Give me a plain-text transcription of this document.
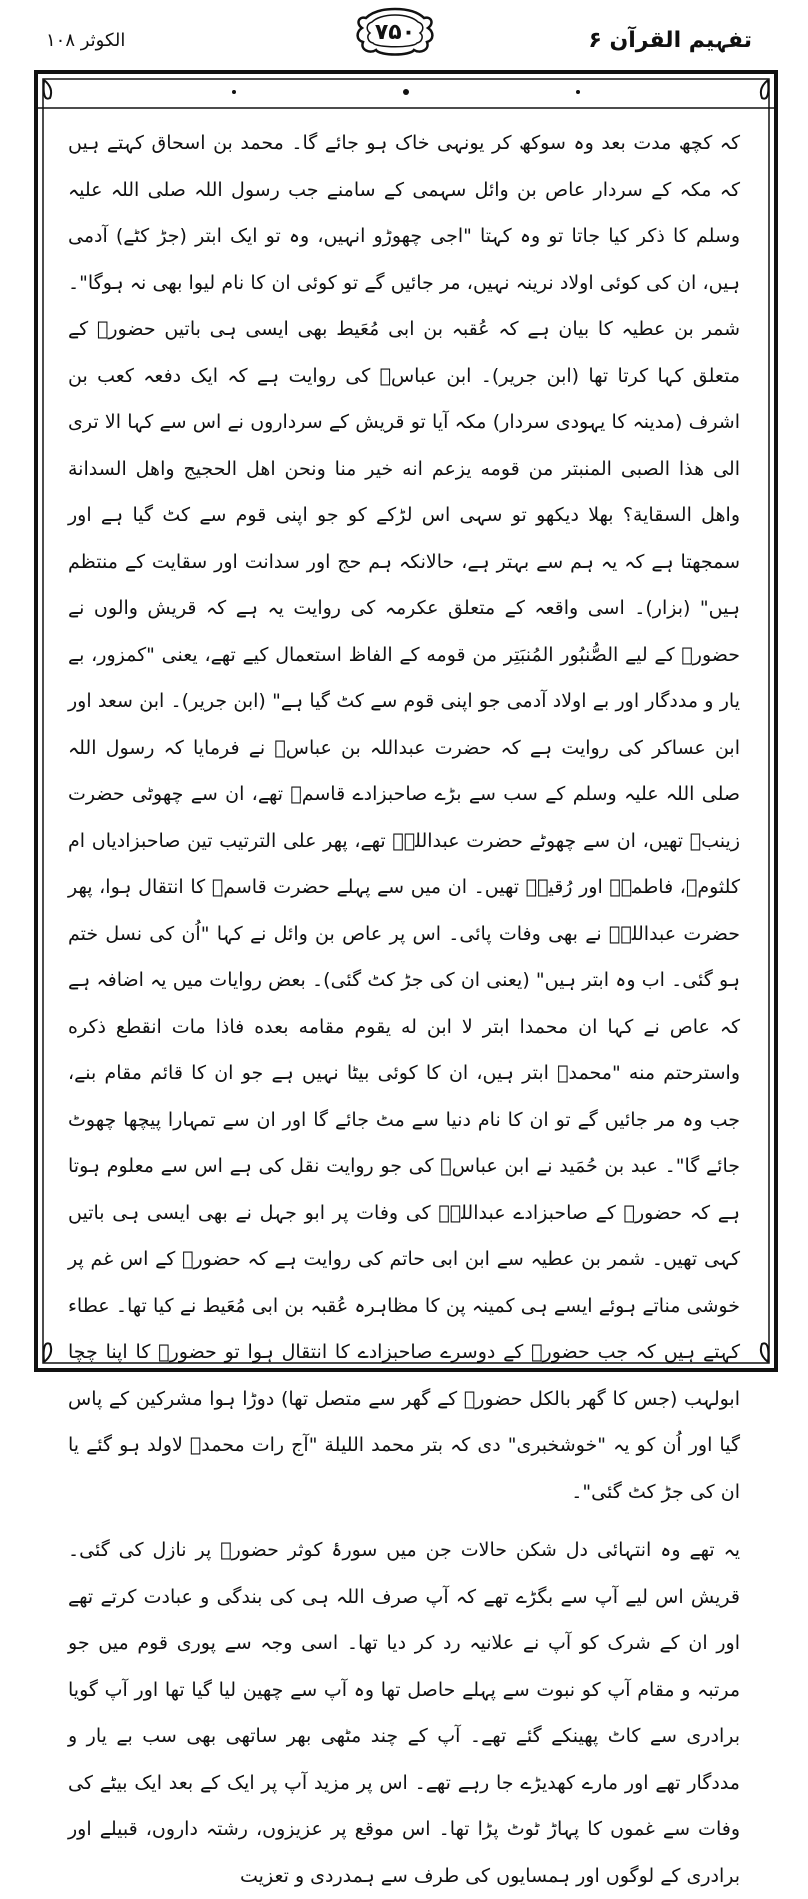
الکوثر ۱۰۸	۷۵۰	تفہیم القرآن ۶

کہ کچھ مدت بعد وہ سوکھ کر یونہی خاک ہو جائے گا۔ محمد بن اسحاق کہتے ہیں کہ مکہ کے سردار عاص بن وائل سہمی کے سامنے جب رسول اللہ صلی اللہ علیہ وسلم کا ذکر کیا جاتا تو وہ کہتا "اجی چھوڑو انہیں، وہ تو ایک ابتر (جڑ کٹے) آدمی ہیں، ان کی کوئی اولاد نرینہ نہیں، مر جائیں گے تو کوئی ان کا نام لیوا بھی نہ ہوگا"۔ شمر بن عطیہ کا بیان ہے کہ عُقبہ بن ابی مُعَیط بھی ایسی ہی باتیں حضورؐ کے متعلق کہا کرتا تھا (ابن جریر)۔ ابن عباسؓ کی روایت ہے کہ ایک دفعہ کعب بن اشرف (مدینہ کا یہودی سردار) مکہ آیا تو قریش کے سرداروں نے اس سے کہا الا ترى الى هذا الصبى المنبتر من قومه يزعم انه خير منا ونحن اهل الحجيج واهل السدانة واهل السقاية؟ بھلا دیکھو تو سہی اس لڑکے کو جو اپنی قوم سے کٹ گیا ہے اور سمجھتا ہے کہ یہ ہم سے بہتر ہے، حالانکہ ہم حج اور سدانت اور سقایت کے منتظم ہیں" (بزار)۔ اسی واقعہ کے متعلق عکرمہ کی روایت یہ ہے کہ قریش والوں نے حضورؐ کے لیے الصُّنبُور المُنبَتِر من قومه کے الفاظ استعمال کیے تھے، یعنی "کمزور، بے یار و مددگار اور بے اولاد آدمی جو اپنی قوم سے کٹ گیا ہے" (ابن جریر)۔ ابن سعد اور ابن عساکر کی روایت ہے کہ حضرت عبداللہ بن عباسؓ نے فرمایا کہ رسول اللہ صلی اللہ علیہ وسلم کے سب سے بڑے صاحبزادے قاسمؓ تھے، ان سے چھوٹی حضرت زینبؓ تھیں، ان سے چھوٹے حضرت عبداللہؓ تھے، پھر علی الترتیب تین صاحبزادیاں ام کلثومؓ، فاطمہؓ اور رُقیہؓ تھیں۔ ان میں سے پہلے حضرت قاسمؓ کا انتقال ہوا، پھر حضرت عبداللہؓ نے بھی وفات پائی۔ اس پر عاص بن وائل نے کہا "اُن کی نسل ختم ہو گئی۔ اب وہ ابتر ہیں" (یعنی ان کی جڑ کٹ گئی)۔ بعض روایات میں یہ اضافہ ہے کہ عاص نے کہا ان محمدا ابتر لا ابن له يقوم مقامه بعده فاذا مات انقطع ذكره واسترحتم منه "محمدؐ ابتر ہیں، ان کا کوئی بیٹا نہیں ہے جو ان کا قائم مقام بنے، جب وہ مر جائیں گے تو ان کا نام دنیا سے مٹ جائے گا اور ان سے تمہارا پیچھا چھوٹ جائے گا"۔ عبد بن حُمَید نے ابن عباسؓ کی جو روایت نقل کی ہے اس سے معلوم ہوتا ہے کہ حضورؐ کے صاحبزادے عبداللہؓ کی وفات پر ابو جہل نے بھی ایسی ہی باتیں کہی تھیں۔ شمر بن عطیہ سے ابن ابی حاتم کی روایت ہے کہ حضورؐ کے اس غم پر خوشی مناتے ہوئے ایسے ہی کمینہ پن کا مظاہرہ عُقبہ بن ابی مُعَیط نے کیا تھا۔ عطاء کہتے ہیں کہ جب حضورؐ کے دوسرے صاحبزادے کا انتقال ہوا تو حضورؐ کا اپنا چچا ابولہب (جس کا گھر بالکل حضورؐ کے گھر سے متصل تھا) دوڑا ہوا مشرکین کے پاس گیا اور اُن کو یہ "خوشخبری" دی کہ بتر محمد الليلة "آج رات محمدؐ لاولد ہو گئے یا ان کی جڑ کٹ گئی"۔

یہ تھے وہ انتہائی دل شکن حالات جن میں سورۂ کوثر حضورؐ پر نازل کی گئی۔ قریش اس لیے آپ سے بگڑے تھے کہ آپ صرف اللہ ہی کی بندگی و عبادت کرتے تھے اور ان کے شرک کو آپ نے علانیہ رد کر دیا تھا۔ اسی وجہ سے پوری قوم میں جو مرتبہ و مقام آپ کو نبوت سے پہلے حاصل تھا وہ آپ سے چھین لیا گیا تھا اور آپ گویا برادری سے کاٹ پھینکے گئے تھے۔ آپ کے چند مٹھی بھر ساتھی بھی سب بے یار و مددگار تھے اور مارے کھدیڑے جا رہے تھے۔ اس پر مزید آپ پر ایک کے بعد ایک بیٹے کی وفات سے غموں کا پہاڑ ٹوٹ پڑا تھا۔ اس موقع پر عزیزوں، رشتہ داروں، قبیلے اور برادری کے لوگوں اور ہمسایوں کی طرف سے ہمدردی و تعزیت
